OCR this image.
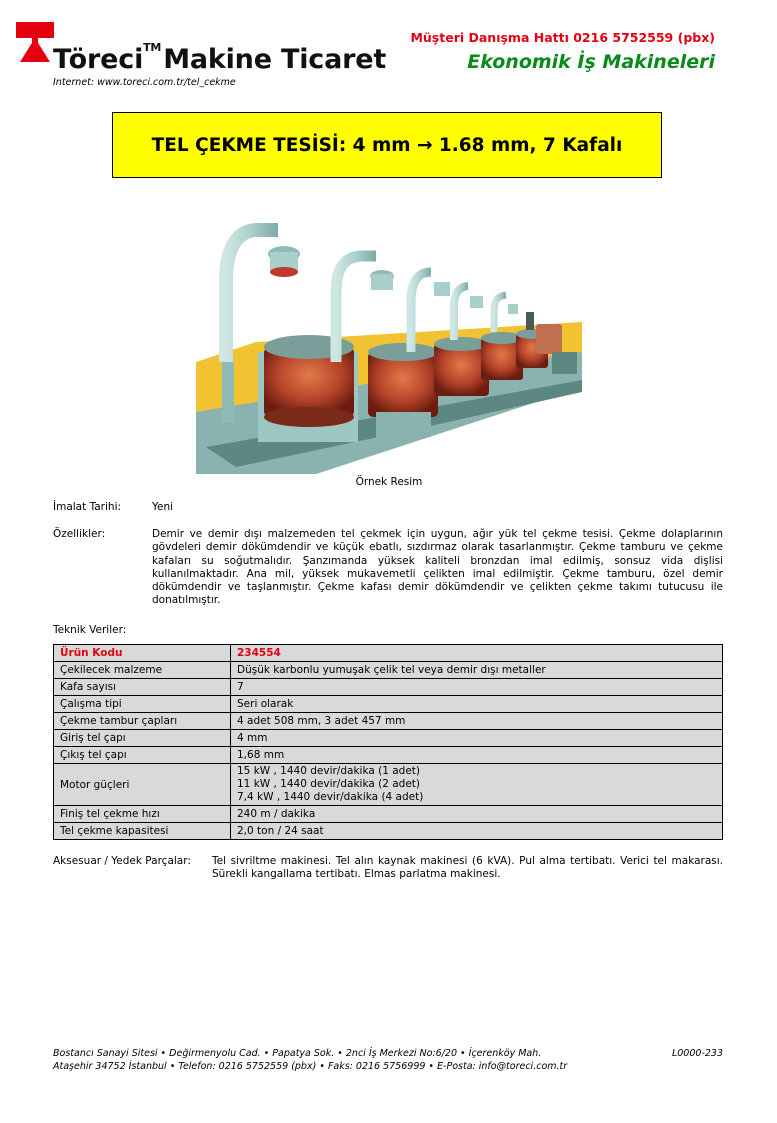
Töreci™Makine Ticaret
Internet: www.toreci.com.tr/tel_cekme
Müşteri Danışma Hattı 0216 5752559 (pbx)
Ekonomik İş Makineleri
TEL ÇEKME TESİSİ: 4 mm → 1.68 mm, 7 Kafalı
Örnek Resim
İmalat Tarihi:	Yeni
Özellikler:	Demir ve demir dışı malzemeden tel çekmek için uygun, ağır yük tel çekme tesisi. Çekme dolaplarının gövdeleri demir dökümdendir ve küçük ebatlı, sızdırmaz olarak tasarlanmıştır. Çekme tamburu ve çekme kafaları su soğutmalıdır. Şanzımanda yüksek kaliteli bronzdan imal edilmiş, sonsuz vida dişlisi kullanılmaktadır. Ana mil, yüksek mukavemetli çelikten imal edilmiştir. Çekme tamburu, özel demir dökümdendir ve taşlanmıştır. Çekme kafası demir dökümdendir ve çelikten çekme takımı tutucusu ile donatılmıştır.

Teknik Veriler:
Ürün Kodu	234554
Çekilecek malzeme	Düşük karbonlu yumuşak çelik tel veya demir dışı metaller
Kafa sayısı	7
Çalışma tipi	Seri olarak
Çekme tambur çapları	4 adet 508 mm, 3 adet 457 mm
Giriş tel çapı	4 mm
Çıkış tel çapı	1,68 mm
Motor güçleri	15 kW , 1440 devir/dakika (1 adet)
11 kW , 1440 devir/dakika (2 adet)
7,4 kW , 1440 devir/dakika (4 adet)

Finiş tel çekme hızı	240 m / dakika
Tel çekme kapasitesi	2,0 ton / 24 saat
Aksesuar / Yedek Parçalar: Tel sivriltme makinesi. Tel alın kaynak makinesi (6 kVA). Pul alma tertibatı. Verici tel makarası. Sürekli kangallama tertibatı. Elmas parlatma makinesi.

Bostancı Sanayi Sitesi • Değirmenyolu Cad. • Papatya Sok. • 2nci İş Merkezi No:6/20 • İçerenköy Mah.
Ataşehir 34752 İstanbul • Telefon: 0216 5752559 (pbx) • Faks: 0216 5756999 • E-Posta: info@toreci.com.tr
L0000-233
